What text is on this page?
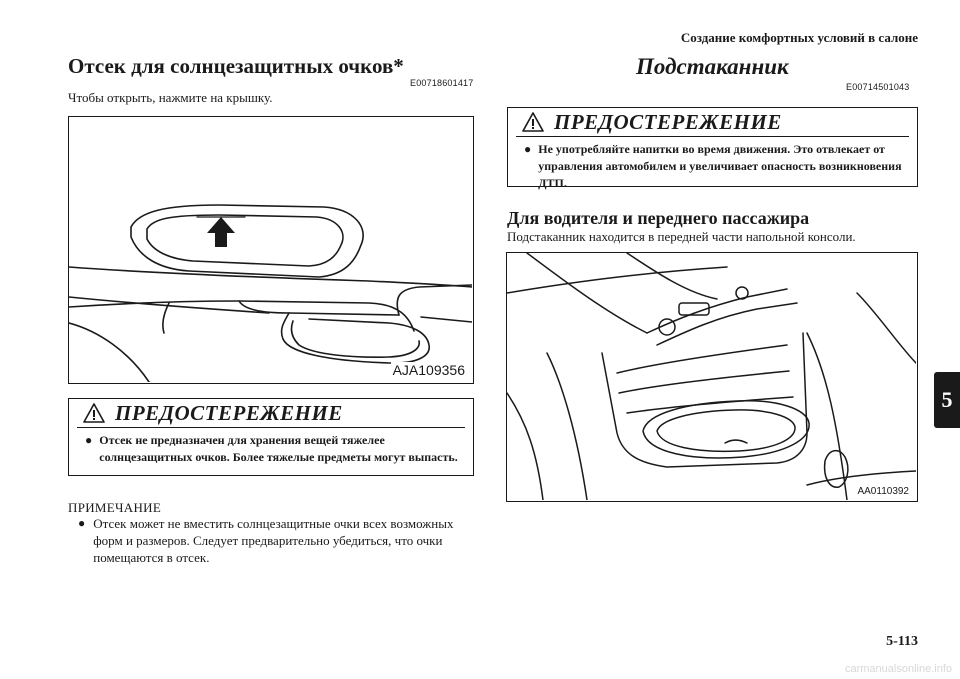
Создание комфортных условий в салоне
5
Отсек для солнцезащитных очков*
E00718601417
Чтобы открыть, нажмите на крышку.
AJA109356
ПРЕДОСТЕРЕЖЕНИЕ
● Отсек не предназначен для хранения вещей тяжелее солнцезащитных очков. Более тяжелые предметы могут выпасть.
ПРИМЕЧАНИЕ
● Отсек может не вместить солнцезащитные очки всех возможных форм и размеров. Следует предварительно убедиться, что очки помещаются в отсек.
Подстаканник
E00714501043
ПРЕДОСТЕРЕЖЕНИЕ
● Не употребляйте напитки во время движения. Это отвлекает от управления автомобилем и увеличивает опасность возникновения ДТП.
Для водителя и переднего пассажира
Подстаканник находится в передней части напольной консоли.
AA0110392
5-113
carmanualsonline.info
